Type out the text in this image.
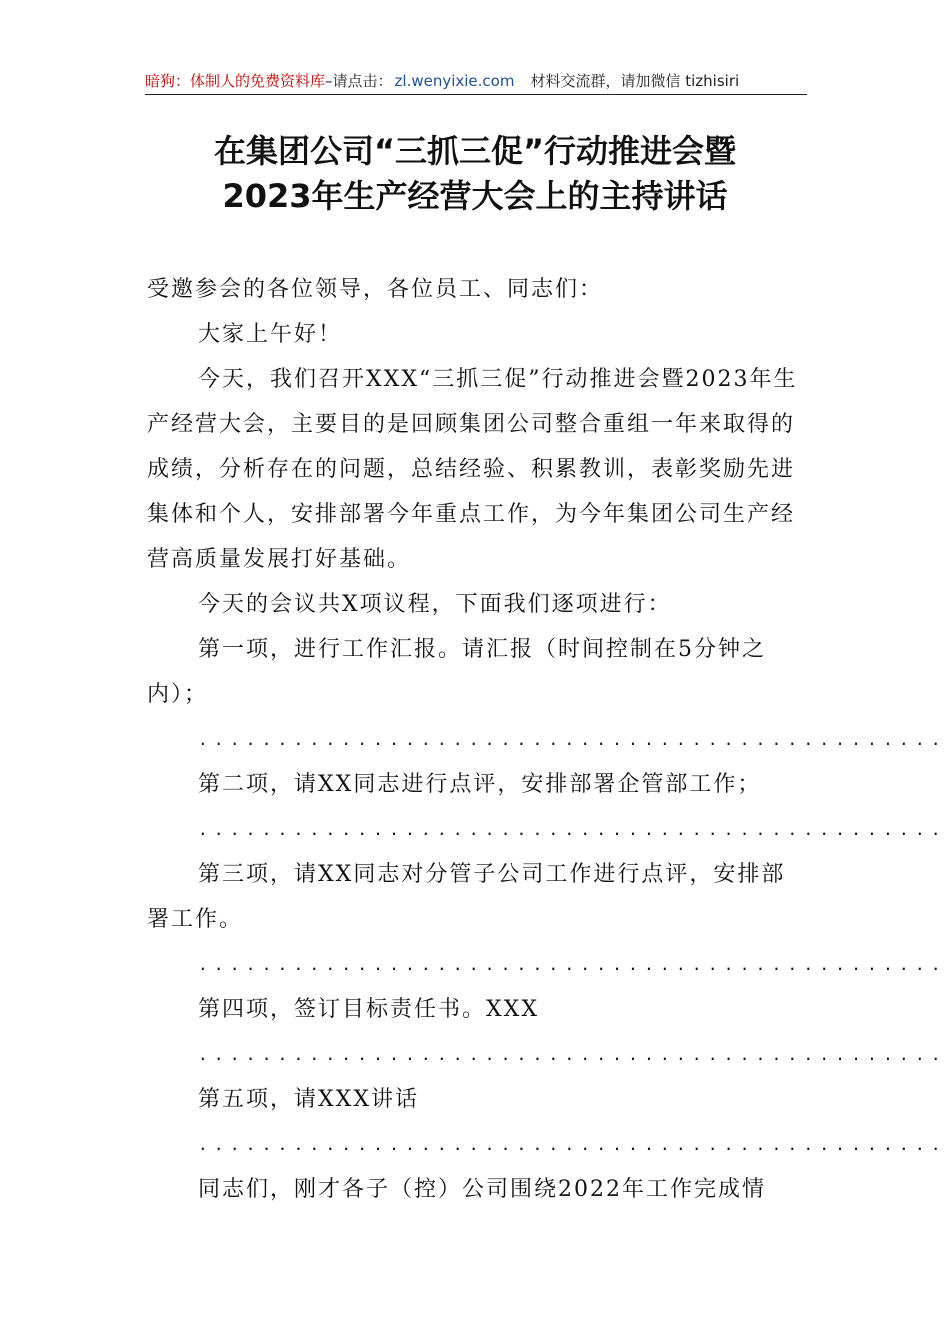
暗狗：体制人的免费资料库–请点击： zl.wenyixie.com 材料交流群，请加微信 tizhisiri
在集团公司“三抓三促”行动推进会暨
2023年生产经营大会上的主持讲话

受邀参会的各位领导，各位员工、同志们：

大家上午好！

今天，我们召开XXX“三抓三促”行动推进会暨2023年生产经营大会，主要目的是回顾集团公司整合重组一年来取得的成绩，分析存在的问题，总结经验、积累教训，表彰奖励先进集体和个人，安排部署今年重点工作，为今年集团公司生产经营高质量发展打好基础。

今天的会议共X项议程，下面我们逐项进行：

第一项，进行工作汇报。请汇报（时间控制在5分钟之内）；

...............................................

第二项，请XX同志进行点评，安排部署企管部工作；

...............................................

第三项，请XX同志对分管子公司工作进行点评，安排部署工作。

...............................................

第四项，签订目标责任书。XXX

...............................................

第五项，请XXX讲话

...............................................

同志们，刚才各子（控）公司围绕2022年工作完成情
